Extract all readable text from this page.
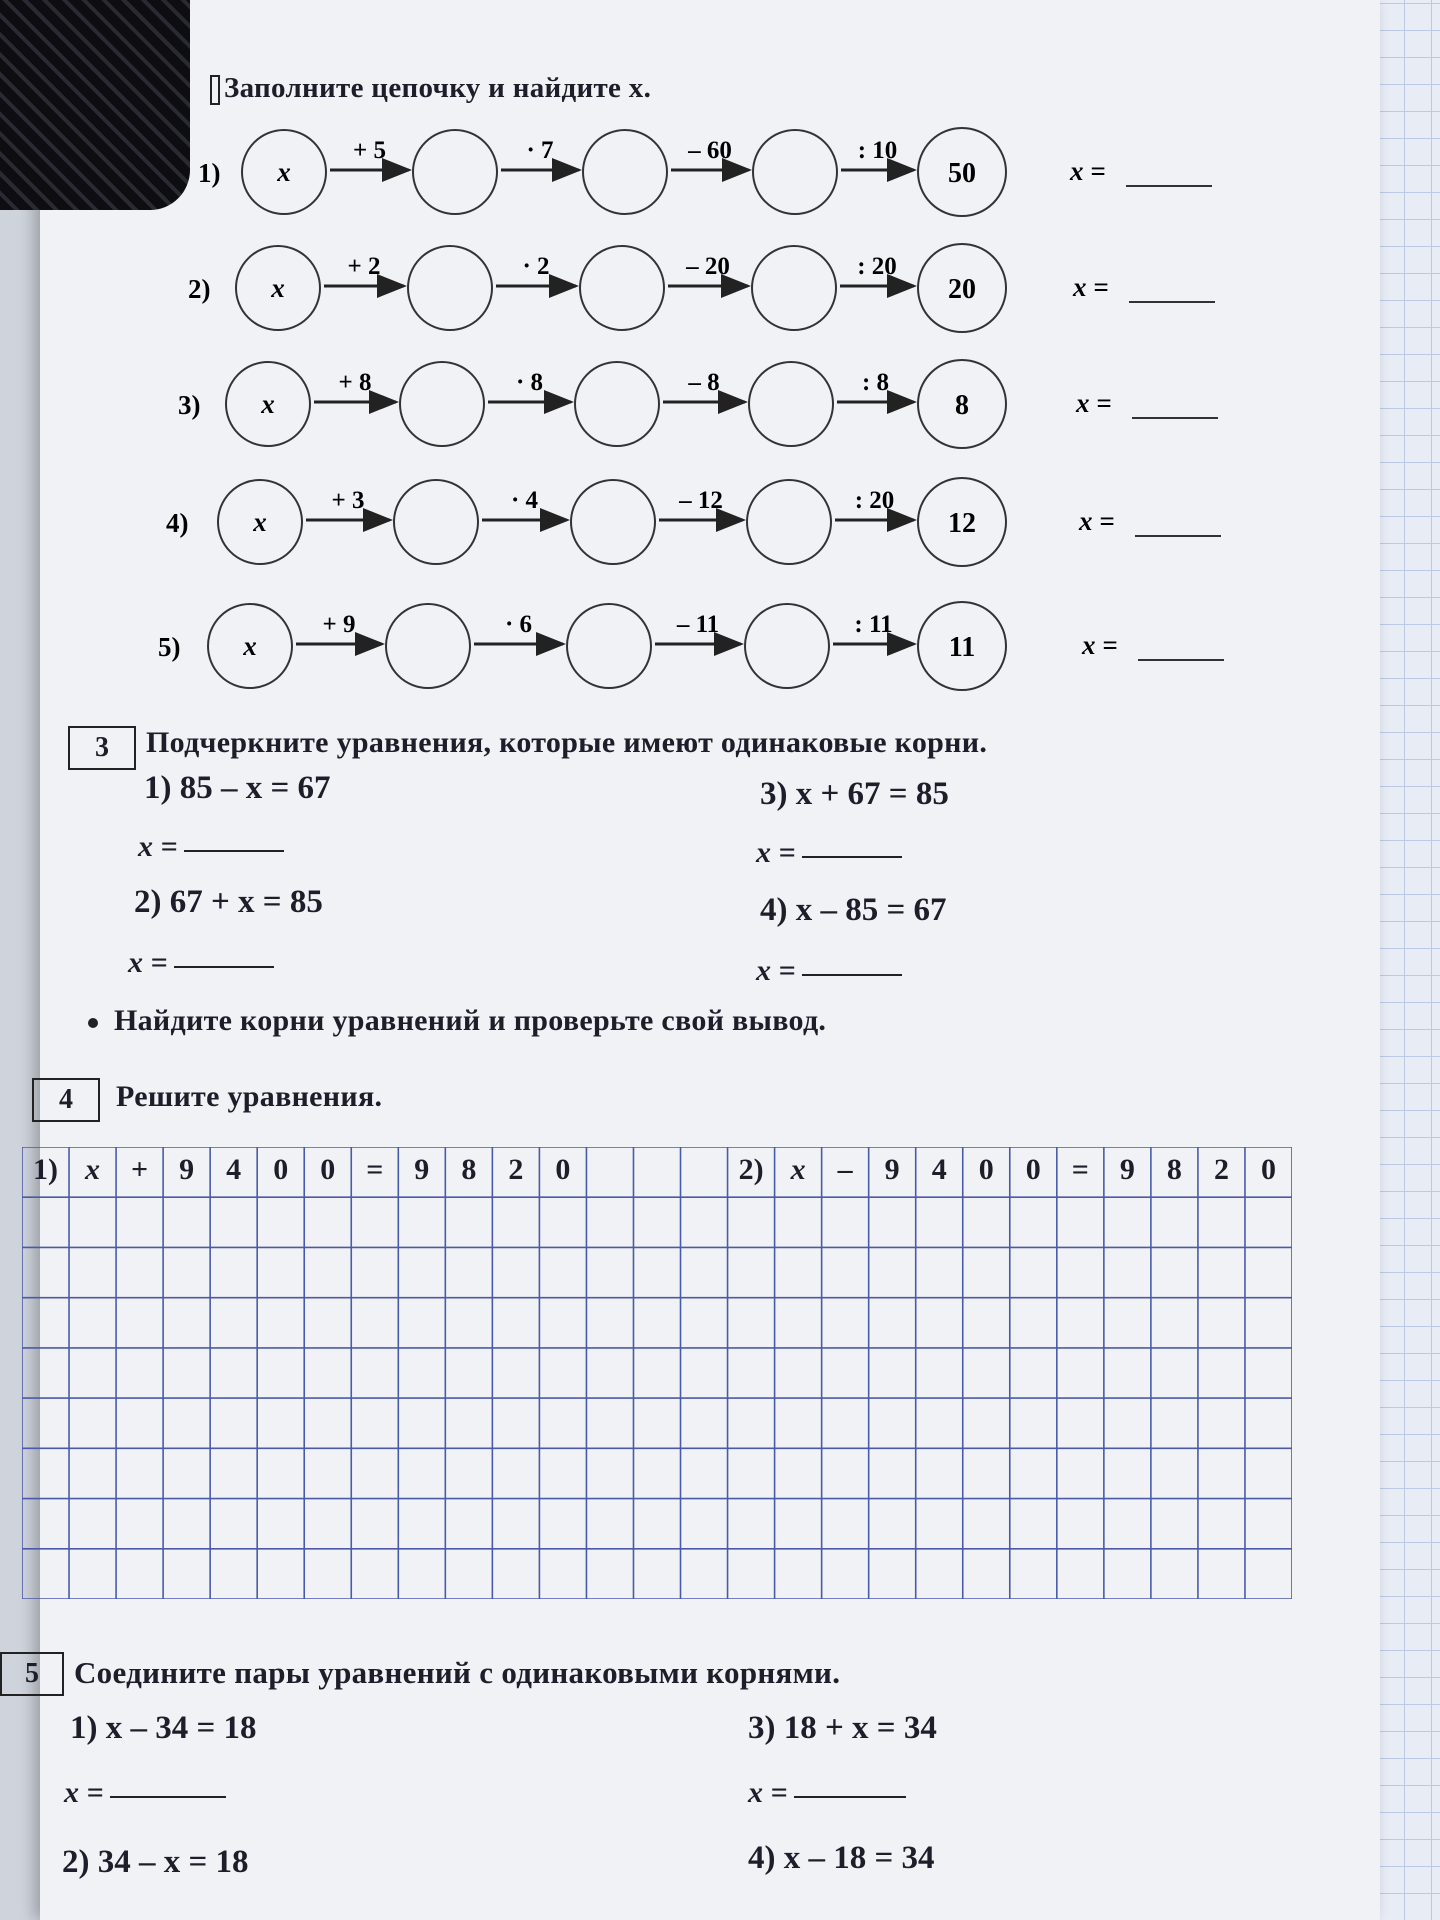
Заполните цепочку и найдите x.
1) x
+ 5	· 7	– 60	: 10
50	x =
2) x
+ 2	· 2	– 20	: 20
20	x =
3) x
+ 8	· 8	– 8	: 8
8	x =
4) x
+ 3	· 4	– 12	: 20
12	x =
5) x
+ 9	· 6	– 11	: 11
11	x =
3	Подчеркните уравнения, которые имеют одинаковые корни.
1) 85 – x = 67
x =
2) 67 + x = 85
x =
3) x + 67 = 85
x =
4) x – 85 = 67
x =
Найдите корни уравнений и проверьте свой вывод.
4	Решите уравнения.
1) x	+	9	4	0	0	=	9	8	2	0	2) x	–	9	4	0	0	=	9	8	2	0
5	Соедините пары уравнений с одинаковыми корнями.
1) x – 34 = 18
x =
2) 34 – x = 18
3) 18 + x = 34
x =
4) x – 18 = 34
